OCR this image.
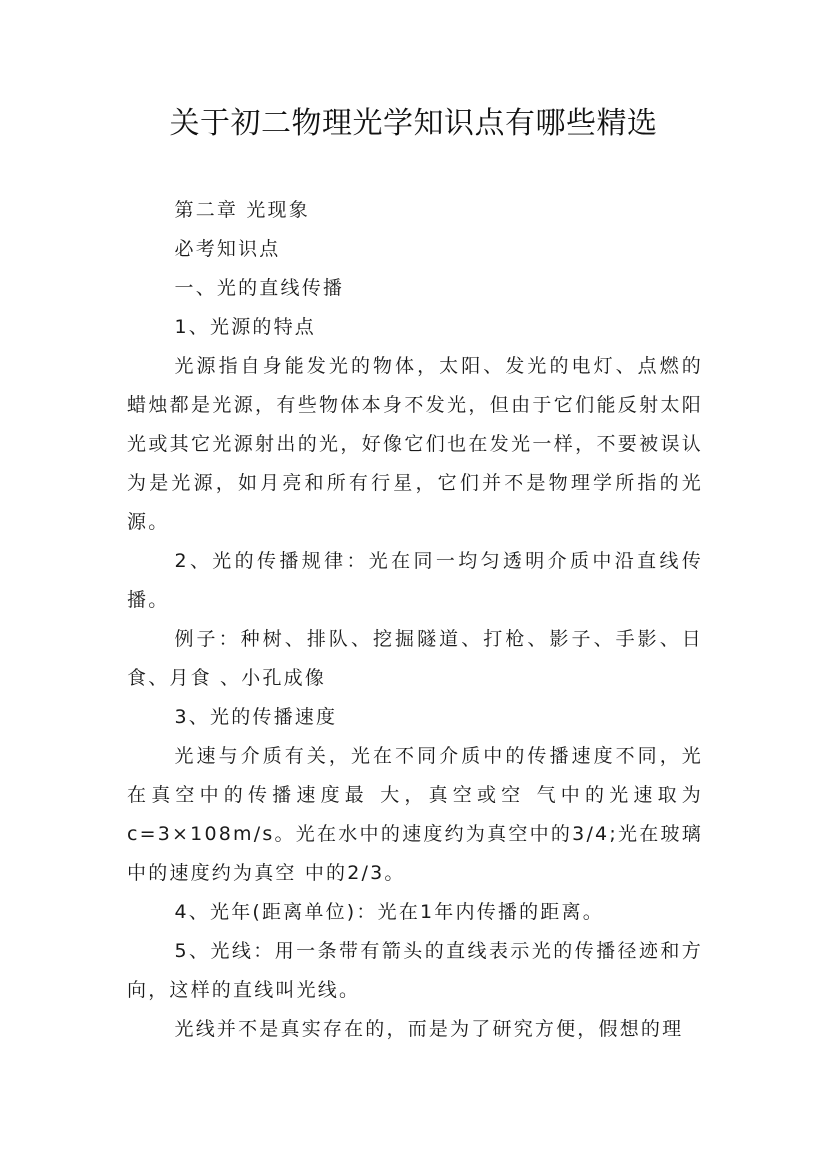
关于初二物理光学知识点有哪些精选

第二章 光现象

必考知识点

一、光的直线传播

1、光源的特点

光源指自身能发光的物体，太阳、发光的电灯、点燃的蜡烛都是光源，有些物体本身不发光，但由于它们能反射太阳光或其它光源射出的光，好像它们也在发光一样，不要被误认为是光源，如月亮和所有行星，它们并不是物理学所指的光源。

2、光的传播规律：光在同一均匀透明介质中沿直线传播。

例子：种树、排队、挖掘隧道、打枪、影子、手影、日食、月食 、小孔成像

3、光的传播速度

光速与介质有关，光在不同介质中的传播速度不同，光在真空中的传播速度最 大，真空或空 气中的光速取为c=3×108m/s。光在水中的速度约为真空中的3/4;光在玻璃中的速度约为真空 中的2/3。

4、光年(距离单位)：光在1年内传播的距离。

5、光线：用一条带有箭头的直线表示光的传播径迹和方向，这样的直线叫光线。

光线并不是真实存在的，而是为了研究方便，假想的理
